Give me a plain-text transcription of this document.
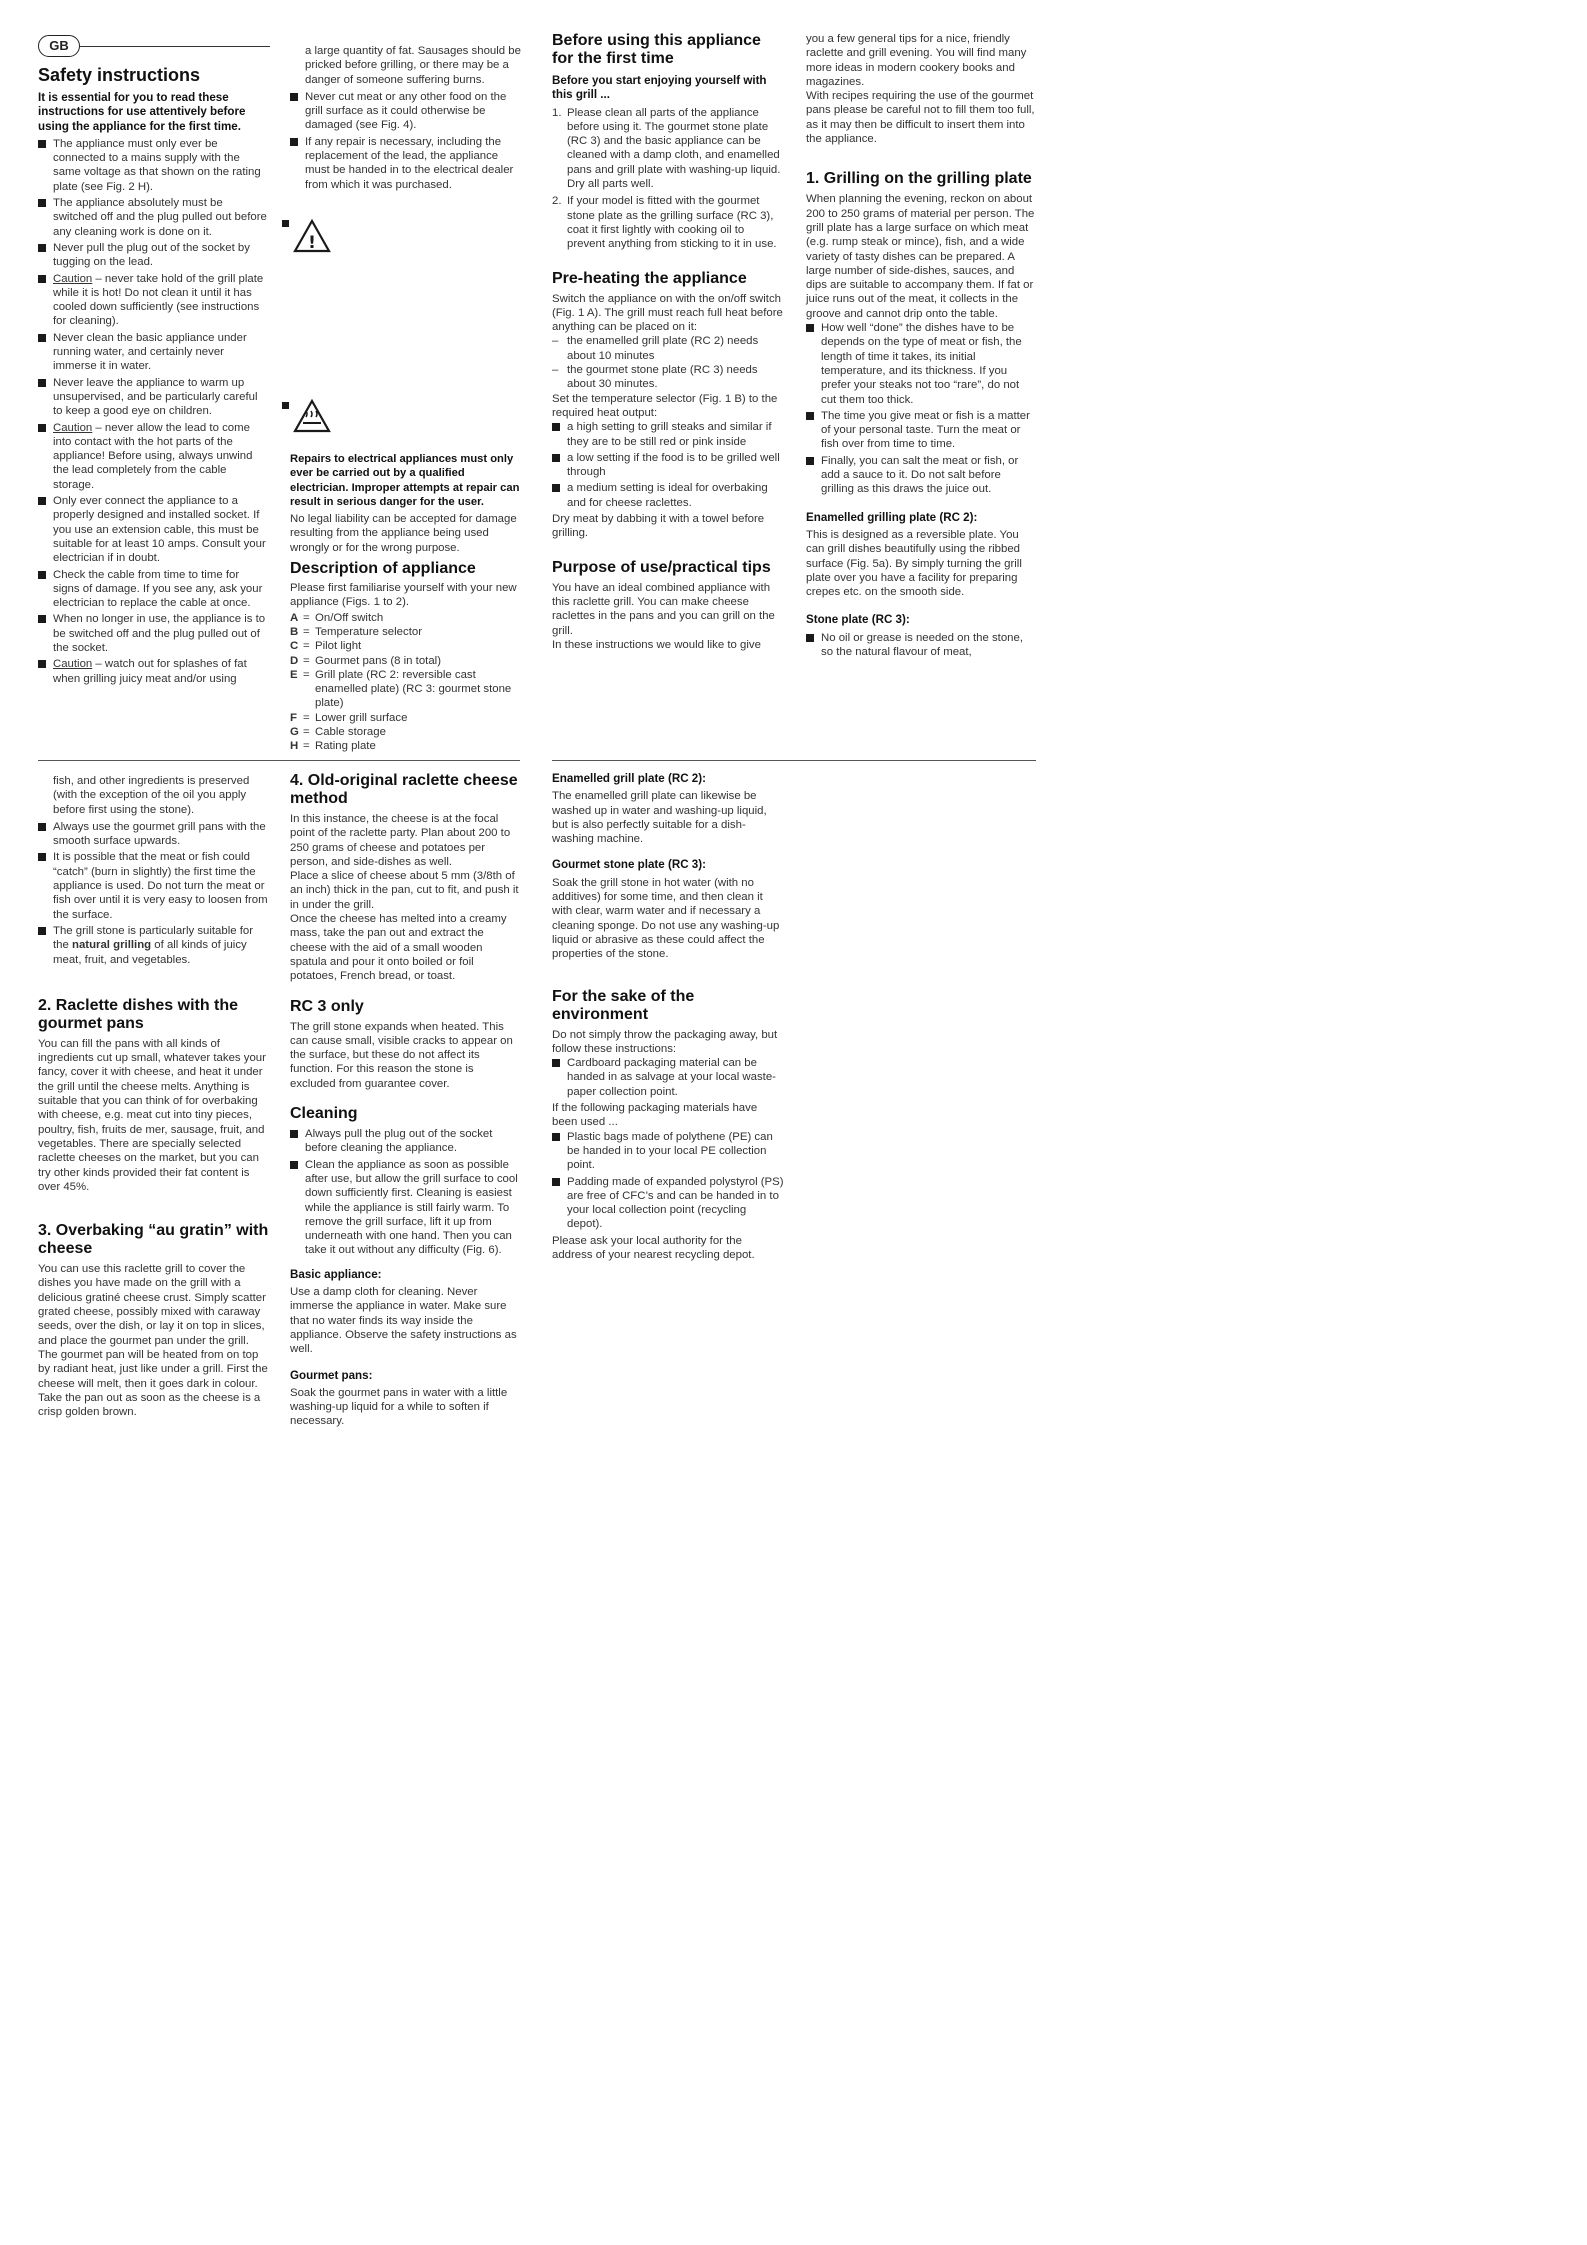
GB
Safety instructions

It is essential for you to read these instructions for use attentively before using the appliance for the first time.

The appliance must only ever be connected to a mains supply with the same voltage as that shown on the rating plate (see Fig. 2 H).
The appliance absolutely must be switched off and the plug pulled out before any cleaning work is done on it.
Never pull the plug out of the socket by tugging on the lead.
Caution – never take hold of the grill plate while it is hot! Do not clean it until it has cooled down sufficiently (see instructions for cleaning).
Never clean the basic appliance under running water, and certainly never immerse it in water.
Never leave the appliance to warm up unsupervised, and be particularly careful to keep a good eye on children.
Caution – never allow the lead to come into contact with the hot parts of the appliance! Before using, always unwind the lead completely from the cable storage.
Only ever connect the appliance to a properly designed and installed socket. If you use an extension cable, this must be suitable for at least 10 amps. Consult your electrician if in doubt.
Check the cable from time to time for signs of damage. If you see any, ask your electrician to replace the cable at once.
When no longer in use, the appliance is to be switched off and the plug pulled out of the socket.
Caution – watch out for splashes of fat when grilling juicy meat and/or using

a large quantity of fat. Sausages should be pricked before grilling, or there may be a danger of someone suffering burns.

Never cut meat or any other food on the grill surface as it could otherwise be damaged (see Fig. 4).
If any repair is necessary, including the replacement of the lead, the appliance must be handed in to the electrical dealer from which it was purchased.
!

Repairs to electrical appliances must only ever be carried out by a qualified electrician. Improper attempts at repair can result in serious danger for the user.

No legal liability can be accepted for damage resulting from the appliance being used wrongly or for the wrong purpose.

Description of appliance

Please first familiarise yourself with your new appliance (Figs. 1 to 2).

A = On/Off switch
B = Temperature selector
C = Pilot light
D = Gourmet pans (8 in total)
E = Grill plate (RC 2: reversible cast enamelled plate) (RC 3: gourmet stone plate)
F = Lower grill surface
G = Cable storage
H = Rating plate
Before using this appliance for the first time

Before you start enjoying yourself with this grill ...

1. Please clean all parts of the appliance before using it. The gourmet stone plate (RC 3) and the basic appliance can be cleaned with a damp cloth, and enamelled pans and grill plate with washing-up liquid. Dry all parts well.
2. If your model is fitted with the gourmet stone plate as the grilling surface (RC 3), coat it first lightly with cooking oil to prevent anything from sticking to it in use.
Pre-heating the appliance

Switch the appliance on with the on/off switch (Fig. 1 A). The grill must reach full heat before anything can be placed on it:

– the enamelled grill plate (RC 2) needs about 10 minutes
– the gourmet stone plate (RC 3) needs about 30 minutes.

Set the temperature selector (Fig. 1 B) to the required heat output:

a high setting to grill steaks and similar if they are to be still red or pink inside
a low setting if the food is to be grilled well through
a medium setting is ideal for overbaking and for cheese raclettes.

Dry meat by dabbing it with a towel before grilling.

Purpose of use/practical tips

You have an ideal combined appliance with this raclette grill. You can make cheese raclettes in the pans and you can grill on the grill.

In these instructions we would like to give

you a few general tips for a nice, friendly raclette and grill evening. You will find many more ideas in modern cookery books and magazines.

With recipes requiring the use of the gourmet pans please be careful not to fill them too full, as it may then be difficult to insert them into the appliance.

1. Grilling on the grilling plate

When planning the evening, reckon on about 200 to 250 grams of material per person. The grill plate has a large surface on which meat (e.g. rump steak or mince), fish, and a wide variety of tasty dishes can be prepared. A large number of side-dishes, sauces, and dips are suitable to accompany them. If fat or juice runs out of the meat, it collects in the groove and cannot drip onto the table.

How well “done” the dishes have to be depends on the type of meat or fish, the length of time it takes, its initial temperature, and its thickness. If you prefer your steaks not too “rare”, do not cut them too thick.
The time you give meat or fish is a matter of your personal taste. Turn the meat or fish over from time to time.
Finally, you can salt the meat or fish, or add a sauce to it. Do not salt before grilling as this draws the juice out.

Enamelled grilling plate (RC 2):

This is designed as a reversible plate. You can grill dishes beautifully using the ribbed surface (Fig. 5a). By simply turning the grill plate over you have a facility for preparing crepes etc. on the smooth side.

Stone plate (RC 3):

No oil or grease is needed on the stone, so the natural flavour of meat,

fish, and other ingredients is preserved (with the exception of the oil you apply before first using the stone).

Always use the gourmet grill pans with the smooth surface upwards.
It is possible that the meat or fish could “catch” (burn in slightly) the first time the appliance is used. Do not turn the meat or fish over until it is very easy to loosen from the surface.
The grill stone is particularly suitable for the natural grilling of all kinds of juicy meat, fruit, and vegetables.
2. Raclette dishes with the gourmet pans

You can fill the pans with all kinds of ingredients cut up small, whatever takes your fancy, cover it with cheese, and heat it under the grill until the cheese melts. Anything is suitable that you can think of for overbaking with cheese, e.g. meat cut into tiny pieces, poultry, fish, fruits de mer, sausage, fruit, and vegetables. There are specially selected raclette cheeses on the market, but you can try other kinds provided their fat content is over 45%.

3. Overbaking “au gratin” with cheese

You can use this raclette grill to cover the dishes you have made on the grill with a delicious gratiné cheese crust. Simply scatter grated cheese, possibly mixed with caraway seeds, over the dish, or lay it on top in slices, and place the gourmet pan under the grill.

The gourmet pan will be heated from on top by radiant heat, just like under a grill. First the cheese will melt, then it goes dark in colour. Take the pan out as soon as the cheese is a crisp golden brown.

4. Old-original raclette cheese method

In this instance, the cheese is at the focal point of the raclette party. Plan about 200 to 250 grams of cheese and potatoes per person, and side-dishes as well.

Place a slice of cheese about 5 mm (3/8th of an inch) thick in the pan, cut to fit, and push it in under the grill.

Once the cheese has melted into a creamy mass, take the pan out and extract the cheese with the aid of a small wooden spatula and pour it onto boiled or foil potatoes, French bread, or toast.

RC 3 only

The grill stone expands when heated. This can cause small, visible cracks to appear on the surface, but these do not affect its function. For this reason the stone is excluded from guarantee cover.

Cleaning
Always pull the plug out of the socket before cleaning the appliance.
Clean the appliance as soon as possible after use, but allow the grill surface to cool down sufficiently first. Cleaning is easiest while the appliance is still fairly warm. To remove the grill surface, lift it up from underneath with one hand. Then you can take it out without any difficulty (Fig. 6).

Basic appliance:

Use a damp cloth for cleaning. Never immerse the appliance in water. Make sure that no water finds its way inside the appliance. Observe the safety instructions as well.

Gourmet pans:

Soak the gourmet pans in water with a little washing-up liquid for a while to soften if necessary.

Enamelled grill plate (RC 2):

The enamelled grill plate can likewise be washed up in water and washing-up liquid, but is also perfectly suitable for a dish-washing machine.

Gourmet stone plate (RC 3):

Soak the grill stone in hot water (with no additives) for some time, and then clean it with clear, warm water and if necessary a cleaning sponge. Do not use any washing-up liquid or abrasive as these could affect the properties of the stone.

For the sake of the environment

Do not simply throw the packaging away, but follow these instructions:

Cardboard packaging material can be handed in as salvage at your local waste-paper collection point.

If the following packaging materials have been used ...

Plastic bags made of polythene (PE) can be handed in to your local PE collection point.
Padding made of expanded polystyrol (PS) are free of CFC’s and can be handed in to your local collection point (recycling depot).

Please ask your local authority for the address of your nearest recycling depot.
